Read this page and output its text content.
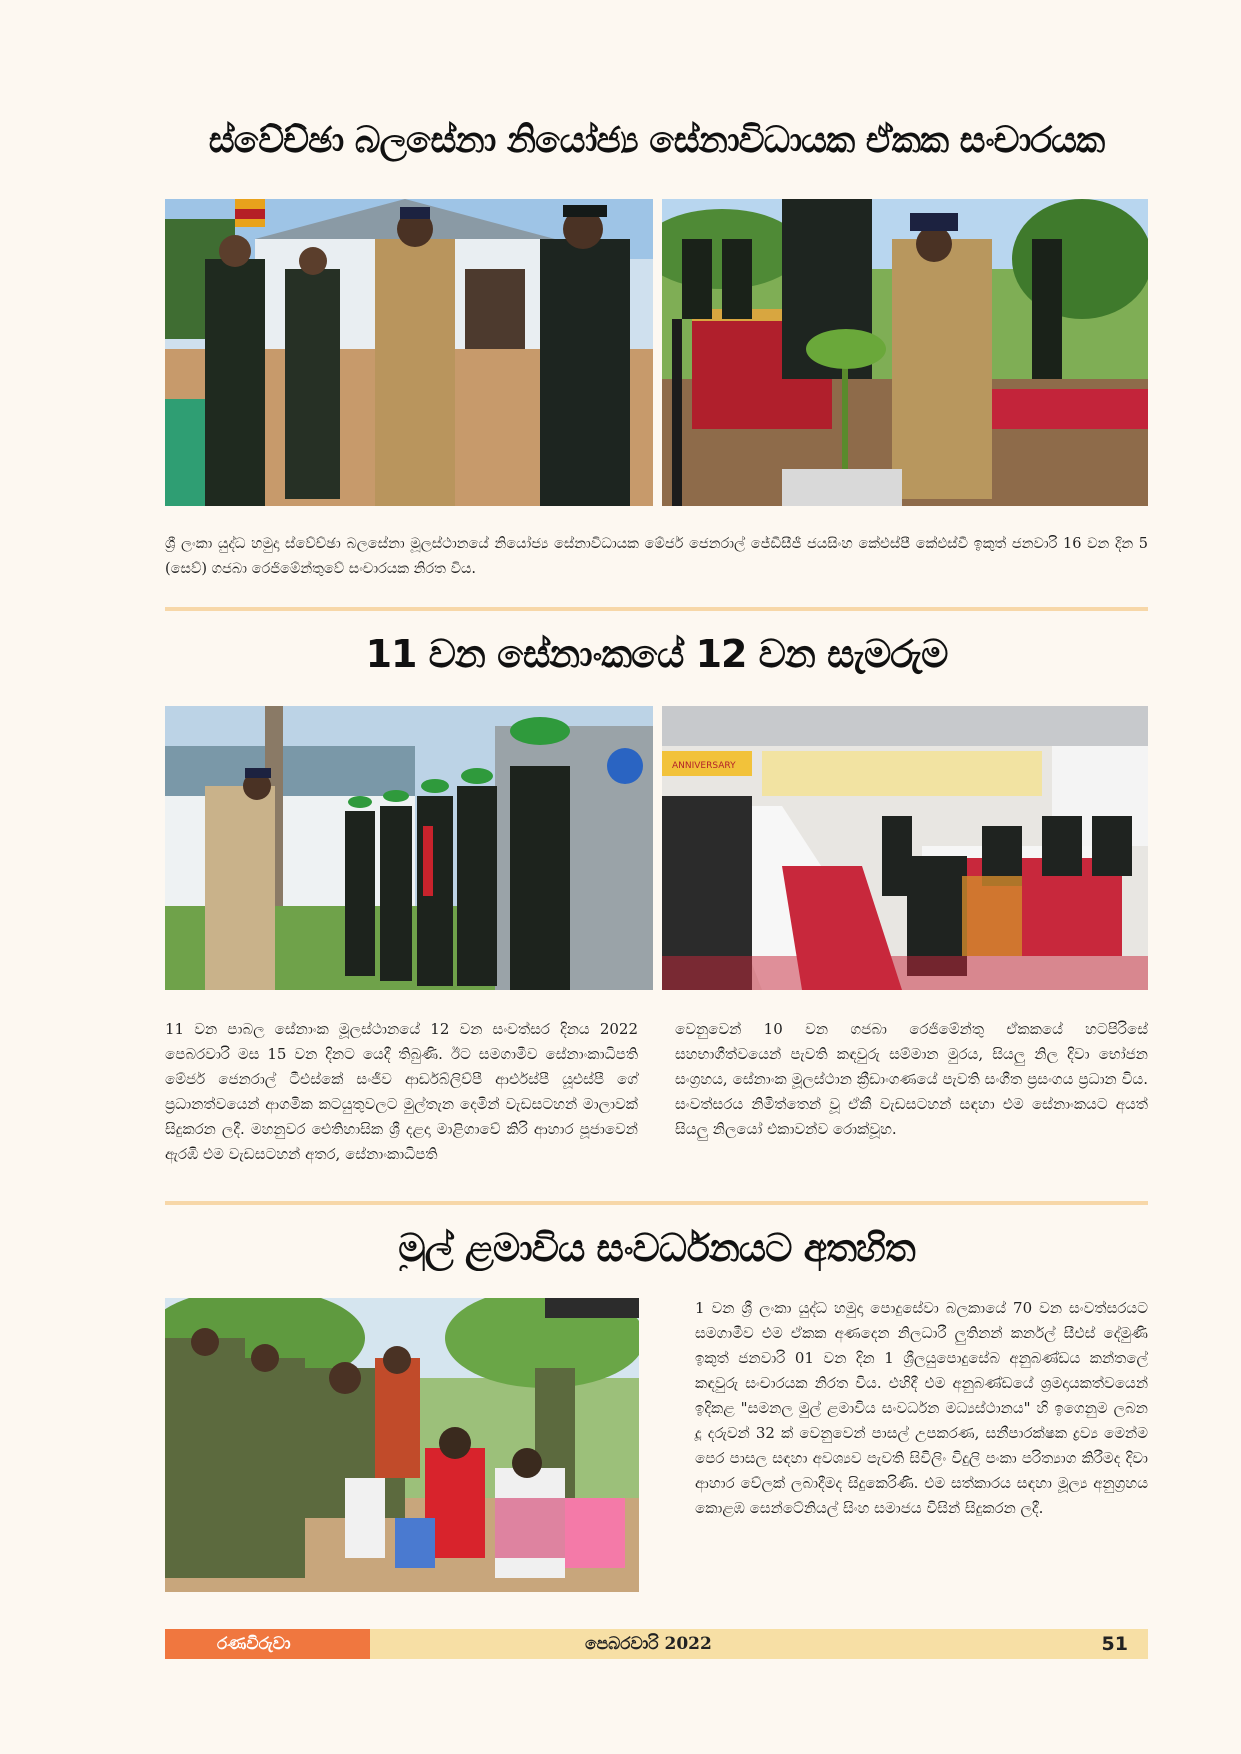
ස්වේච්ඡා බලසේනා නියෝජ්‍ය සේනාවිධායක ඒකක සංචාරයක
ශ්‍රී ලංකා යුද්ධ හමුදා ස්වේච්ඡා බලසේනා මූලස්ථානයේ නියෝජ්‍ය සේනාවිධායක මේජර් ජෙනරාල් ජේඩීසීජී ජයසිංහ කේඑස්පී කේඑස්වී ඉකුත් ජනවාරි 16 වන දින 5 (සෙව්) ගජබා රෙජිමේන්තුවේ සංචාරයක නිරත විය.
11 වන සේනාංකයේ 12 වන සැමරුම
ANNIVERSARY
11 වන පාබල සේනාංක මූලස්ථානයේ 12 වන සංවත්සර දිනය 2022 පෙබරවාරි මස 15 වන දිනට යෙදී තිබුණි. ඊට සමගාමීව සේනාංකාධිපති මේජර් ජෙනරාල් ටීඑස්කේ සංජීව ආර්ඩබ්ලිව්පී ආර්එස්පී යූඑස්පී ගේ ප්‍රධානත්වයෙන් ආගමික කටයුතුවලට මුල්තැන දෙමින් වැඩසටහන් මාලාවක් සිදුකරන ලදී. මහනුවර ඓතිහාසික ශ්‍රී දළදා මාළිගාවේ කිරි ආහාර පූජාවෙන් ඇරඹි එම වැඩසටහන් අතර, සේනාංකාධිපති
වෙනුවෙන් 10 වන ගජබා රෙජිමේන්තු ඒකකයේ හටපිරිසේ සහභාගීත්වයෙන් පැවති කඳවුරු සම්මාන මුරය, සියලු නිල දිවා භෝජන සංග්‍රහය, සේනාංක මූලස්ථාන ක්‍රීඩාංගණයේ පැවති සංගීත ප්‍රසංගය ප්‍රධාන විය. සංවත්සරය නිමිත්තෙන් වූ ඒකී වැඩසටහන් සඳහා එම සේනාංකයට අයත් සියලු නිලයෝ එකාවන්ව රොක්වූහ.
මුල් ළමාවිය සංවර්ධනයට අතහිත
1 වන ශ්‍රී ලංකා යුද්ධ හමුදා පොදුසේවා බලකායේ 70 වන සංවත්සරයට සමගාමීව එම ඒකක අණදෙන නිලධාරී ලුතිනන් කර්නල් සීඑස් දේමුණි ඉකුත් ජනවාරි 01 වන දින 1 ශ්‍රීලයුපොදුසේබ අනුබණ්ඩය කන්තලේ කඳවුරු සංචාරයක නිරත විය. එහිදී එම අනුබණ්ඩයේ ශ්‍රමදායකත්වයෙන් ඉදිකළ "සමනල මුල් ළමාවිය සංවර්ධන මධ්‍යස්ථානය" හි ඉගෙනුම ලබන දූ දරුවන් 32 ක් වෙනුවෙන් පාසල් උපකරණ, සනීපාරක්ෂක ද්‍රව්‍ය මෙන්ම පෙර පාසල සඳහා අවශ්‍යව පැවති සිවිලිං විදුලි පංකා පරිත්‍යාග කිරීමද දිවා ආහාර වේලක් ලබාදීමද සිදුකෙරිණි. එම සත්කාරය සඳහා මූල්‍ය අනුග්‍රහය කොළඹ සෙන්ටේනියල් සිංහ සමාජය විසින් සිදුකරන ලදී.
රණවිරුවා	පෙබරවාරි 2022	51
